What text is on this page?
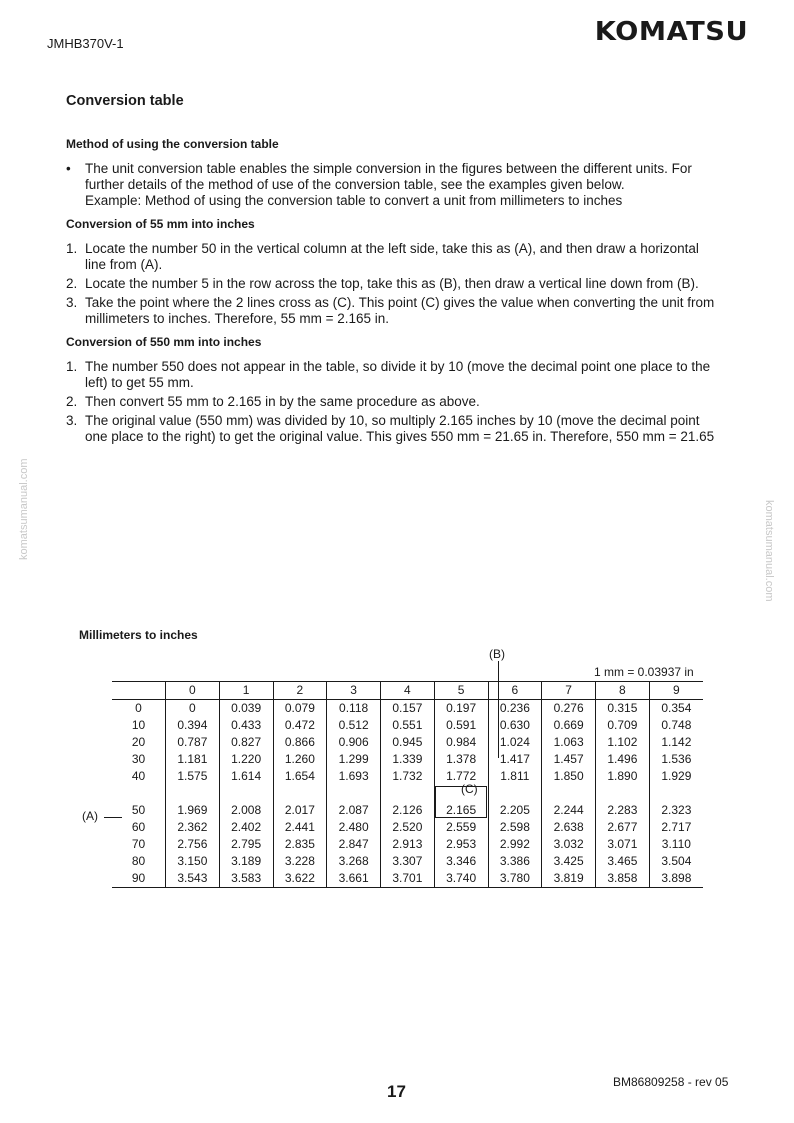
JMHB370V-1	KOMATSU
komatsumanual.com	komatsumanual.com
Conversion table
Method of using the conversion table
•	The unit conversion table enables the simple conversion in the figures between the different units. For further details of the method of use of the conversion table, see the examples given below.
Example: Method of using the conversion table to convert a unit from millimeters to inches
Conversion of 55 mm into inches
1. Locate the number 50 in the vertical column at the left side, take this as (A), and then draw a horizontal line from (A).
2. Locate the number 5 in the row across the top, take this as (B), then draw a vertical line down from (B).
3. Take the point where the 2 lines cross as (C). This point (C) gives the value when converting the unit from millimeters to inches. Therefore, 55 mm = 2.165 in.
Conversion of 550 mm into inches
1. The number 550 does not appear in the table, so divide it by 10 (move the decimal point one place to the left) to get 55 mm.
2. Then convert 55 mm to 2.165 in by the same procedure as above.
3. The original value (550 mm) was divided by 10, so multiply 2.165 inches by 10 (move the decimal point one place to the right) to get the original value. This gives 550 mm = 21.65 in. Therefore, 550 mm = 21.65
Millimeters to inches
(B)
1 mm = 0.03937 in
(A)
(C)
	0	1	2	3	4	5	6	7	8	9
0	0	0.039	0.079	0.118	0.157	0.197	0.236	0.276	0.315	0.354
10	0.394	0.433	0.472	0.512	0.551	0.591	0.630	0.669	0.709	0.748
20	0.787	0.827	0.866	0.906	0.945	0.984	1.024	1.063	1.102	1.142
30	1.181	1.220	1.260	1.299	1.339	1.378	1.417	1.457	1.496	1.536
40	1.575	1.614	1.654	1.693	1.732	1.772	1.811	1.850	1.890	1.929
50	1.969	2.008	2.017	2.087	2.126	2.165	2.205	2.244	2.283	2.323
60	2.362	2.402	2.441	2.480	2.520	2.559	2.598	2.638	2.677	2.717
70	2.756	2.795	2.835	2.847	2.913	2.953	2.992	3.032	3.071	3.110
80	3.150	3.189	3.228	3.268	3.307	3.346	3.386	3.425	3.465	3.504
90	3.543	3.583	3.622	3.661	3.701	3.740	3.780	3.819	3.858	3.898
17	BM86809258 - rev 05
